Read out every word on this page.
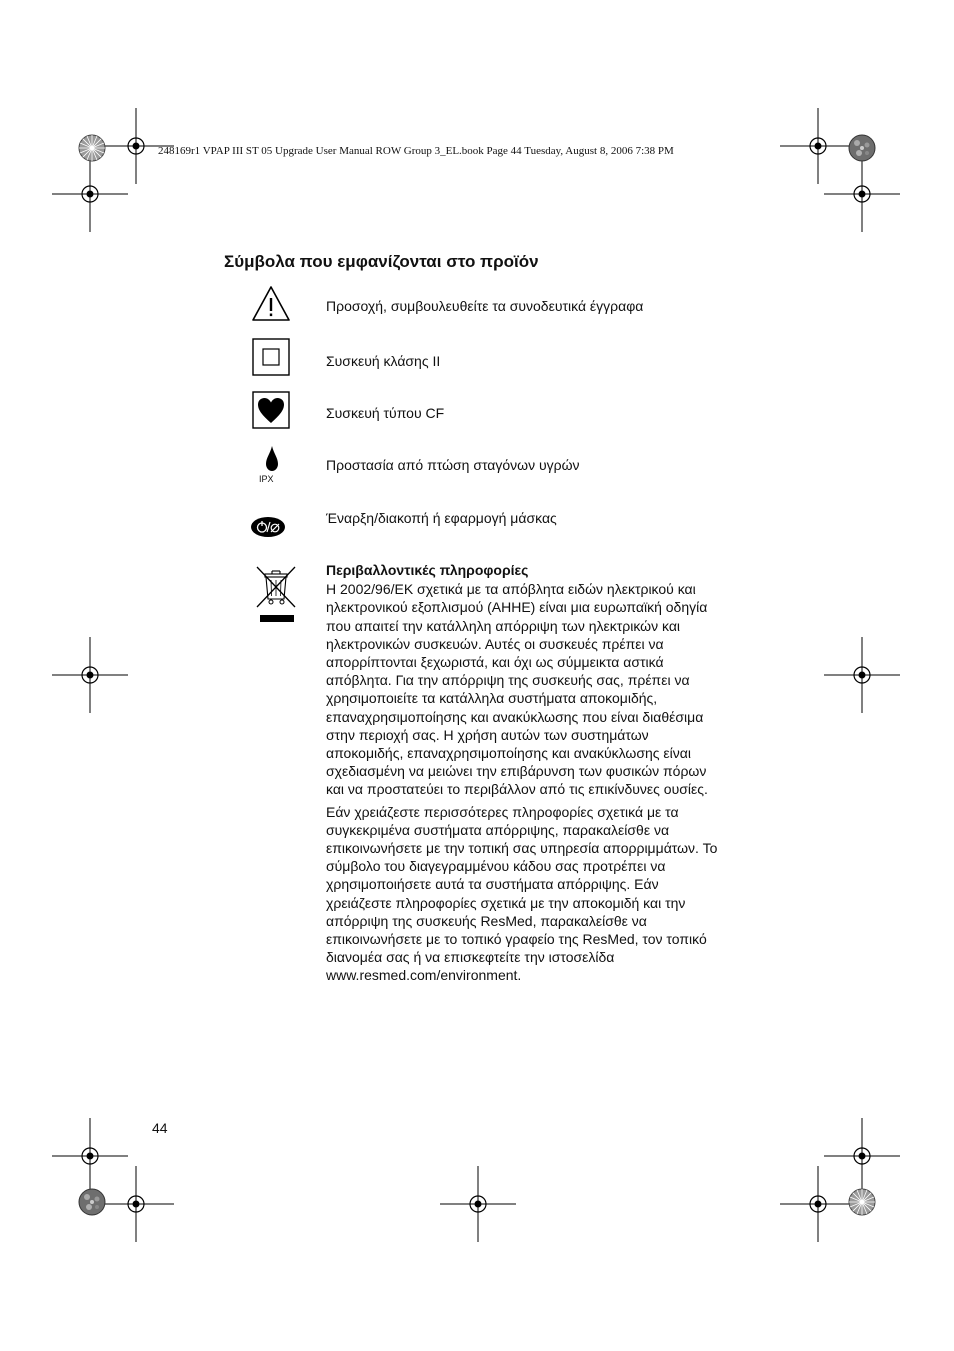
248169r1 VPAP III ST 05 Upgrade User Manual ROW Group 3_EL.book Page 44 Tuesday, August 8, 2006 7:38 PM
Σύμβολα που εμφανίζονται στο προϊόν
Προσοχή, συμβουλευθείτε τα συνοδευτικά έγγραφα
Συσκευή κλάσης II
Συσκευή τύπου CF
IPX
Προστασία από πτώση σταγόνων υγρών
Έναρξη/διακοπή ή εφαρμογή μάσκας
Περιβαλλοντικές πληροφορίες

Η 2002/96/ΕΚ σχετικά με τα απόβλητα ειδών ηλεκτρικού και
ηλεκτρονικού εξοπλισμού (ΑΗΗΕ) είναι μια ευρωπαϊκή οδηγία
που απαιτεί την κατάλληλη απόρριψη των ηλεκτρικών και
ηλεκτρονικών συσκευών. Αυτές οι συσκευές πρέπει να
απορρίπτονται ξεχωριστά, και όχι ως σύμμεικτα αστικά
απόβλητα. Για την απόρριψη της συσκευής σας, πρέπει να
χρησιμοποιείτε τα κατάλληλα συστήματα αποκομιδής,
επαναχρησιμοποίησης και ανακύκλωσης που είναι διαθέσιμα
στην περιοχή σας. Η χρήση αυτών των συστημάτων
αποκομιδής, επαναχρησιμοποίησης και ανακύκλωσης είναι
σχεδιασμένη να μειώνει την επιβάρυνση των φυσικών πόρων
και να προστατεύει το περιβάλλον από τις επικίνδυνες ουσίες.

Εάν χρειάζεστε περισσότερες πληροφορίες σχετικά με τα
συγκεκριμένα συστήματα απόρριψης, παρακαλείσθε να
επικοινωνήσετε με την τοπική σας υπηρεσία απορριμμάτων. Το
σύμβολο του διαγεγραμμένου κάδου σας προτρέπει να
χρησιμοποιήσετε αυτά τα συστήματα απόρριψης. Εάν
χρειάζεστε πληροφορίες σχετικά με την αποκομιδή και την
απόρριψη της συσκευής ResMed, παρακαλείσθε να
επικοινωνήσετε με το τοπικό γραφείο της ResMed, τον τοπικό
διανομέα σας ή να επισκεφτείτε την ιστοσελίδα
www.resmed.com/environment.

44
